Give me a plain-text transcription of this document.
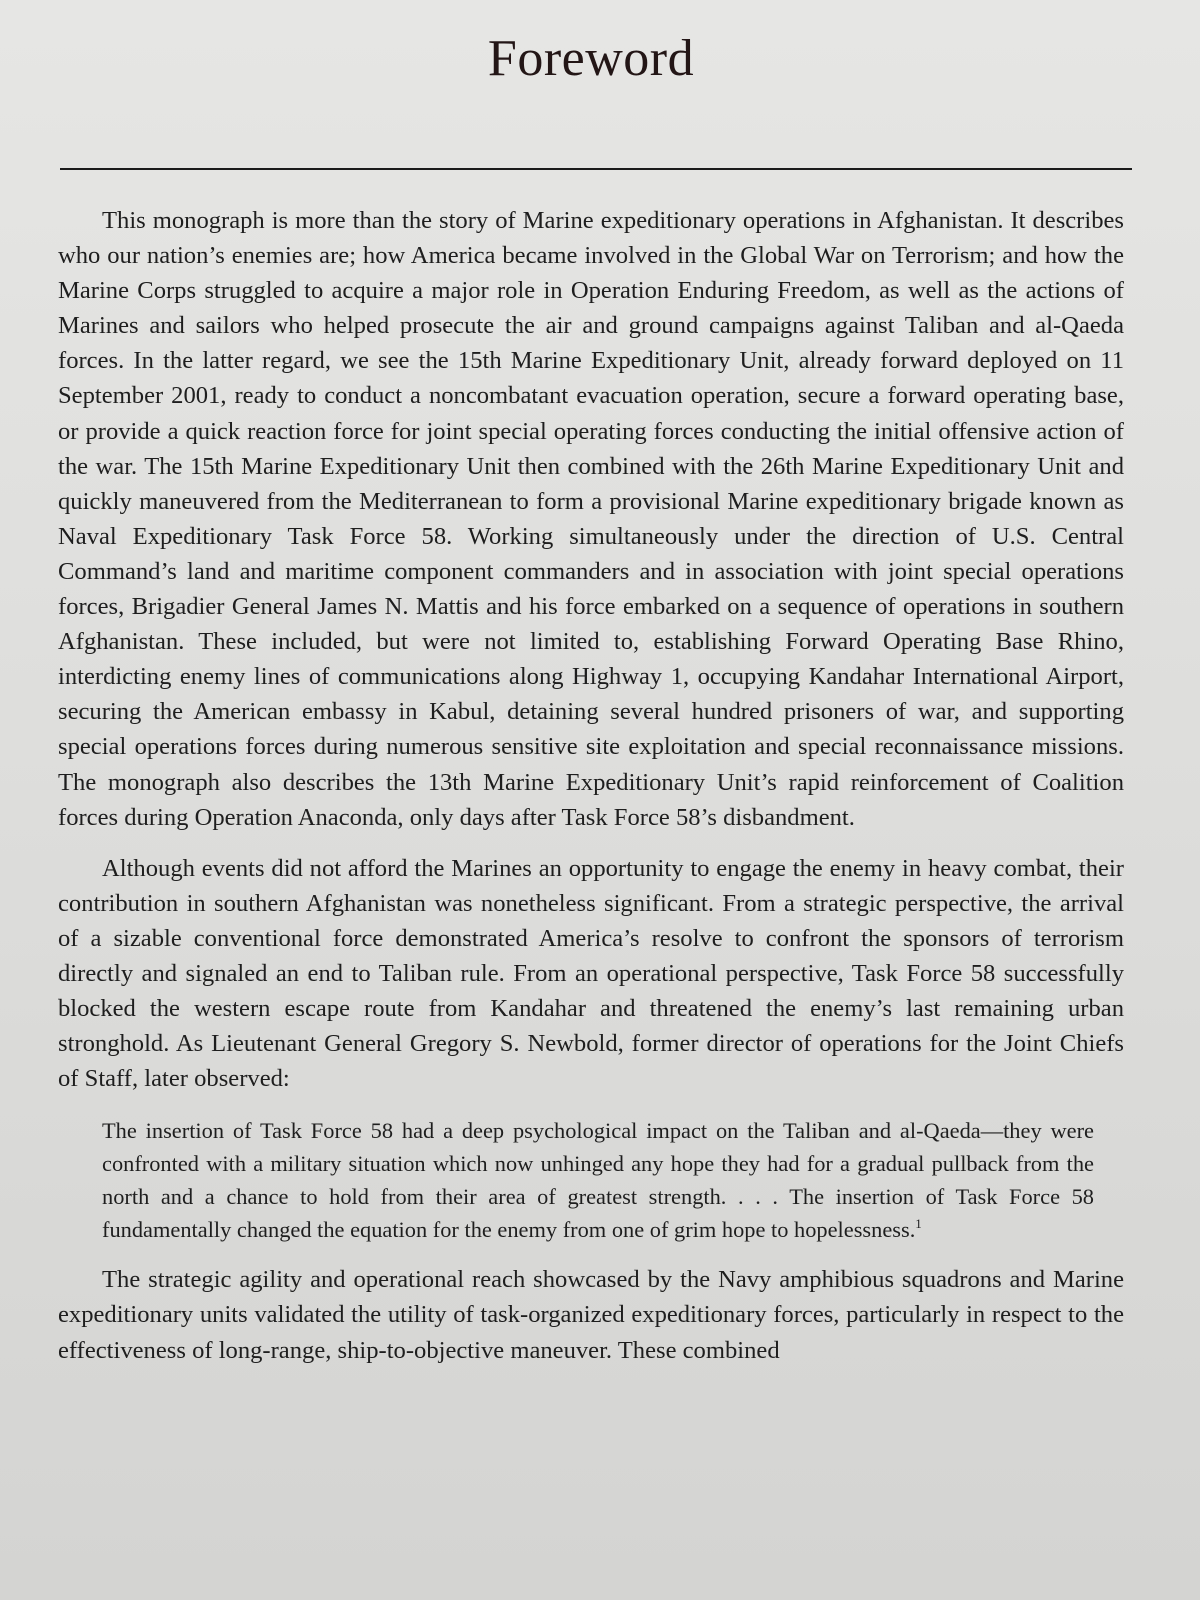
Foreword

This monograph is more than the story of Marine expeditionary operations in Afghanistan. It describes who our nation’s enemies are; how America became involved in the Global War on Terrorism; and how the Marine Corps struggled to acquire a major role in Operation Enduring Freedom, as well as the actions of Marines and sailors who helped prosecute the air and ground campaigns against Taliban and al-Qaeda forces. In the latter regard, we see the 15th Marine Expeditionary Unit, already forward deployed on 11 September 2001, ready to conduct a noncombatant evacuation operation, secure a forward operating base, or provide a quick reaction force for joint special operating forces conducting the initial offensive action of the war. The 15th Marine Expeditionary Unit then combined with the 26th Marine Expeditionary Unit and quickly maneuvered from the Mediterranean to form a provisional Marine expeditionary brigade known as Naval Expeditionary Task Force 58. Working simultaneously under the direction of U.S. Central Command’s land and maritime component commanders and in association with joint special operations forces, Brigadier General James N. Mattis and his force embarked on a sequence of operations in southern Afghanistan. These included, but were not limited to, establishing Forward Operating Base Rhino, interdicting enemy lines of communications along Highway 1, occupying Kandahar International Airport, securing the American embassy in Kabul, detaining several hundred prisoners of war, and supporting special operations forces during numerous sensitive site exploitation and special reconnaissance missions. The monograph also describes the 13th Marine Expeditionary Unit’s rapid reinforcement of Coalition forces during Operation Anaconda, only days after Task Force 58’s disbandment.

Although events did not afford the Marines an opportunity to engage the enemy in heavy combat, their contribution in southern Afghanistan was nonetheless significant. From a strategic perspective, the arrival of a sizable conventional force demonstrated America’s resolve to confront the sponsors of terrorism directly and signaled an end to Taliban rule. From an operational perspective, Task Force 58 successfully blocked the western escape route from Kandahar and threatened the enemy’s last remaining urban stronghold. As Lieutenant General Gregory S. Newbold, former director of operations for the Joint Chiefs of Staff, later observed:

The insertion of Task Force 58 had a deep psychological impact on the Taliban and al-Qaeda—they were confronted with a military situation which now unhinged any hope they had for a gradual pullback from the north and a chance to hold from their area of greatest strength. . . . The insertion of Task Force 58 fundamentally changed the equation for the enemy from one of grim hope to hopelessness.$^1$

The strategic agility and operational reach showcased by the Navy amphibious squadrons and Marine expeditionary units validated the utility of task-organized expeditionary forces, particularly in respect to the effectiveness of long-range, ship-to-objective maneuver. These combined
